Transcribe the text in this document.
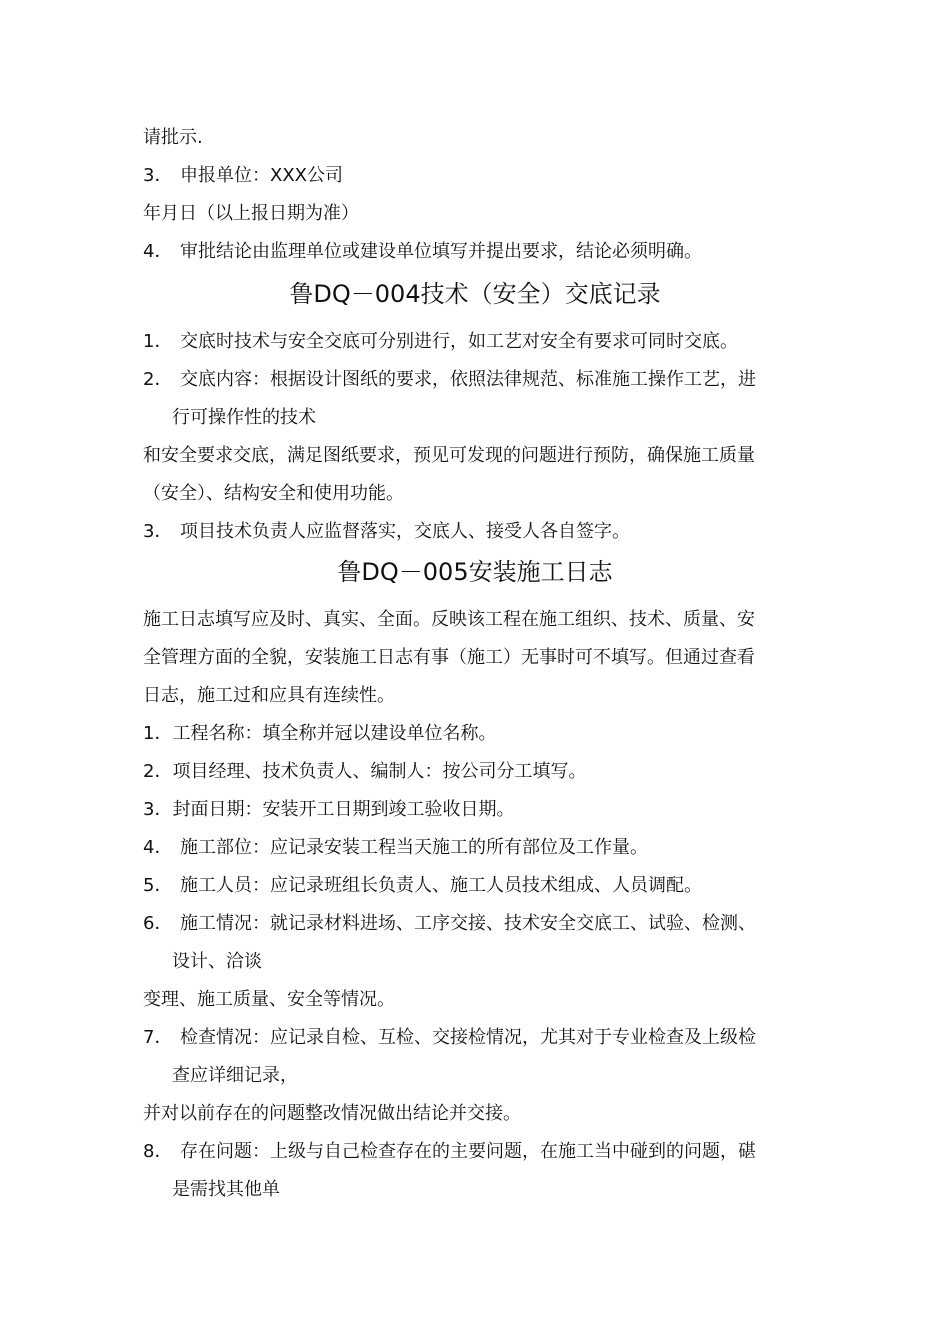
请批示.
3． 申报单位：XXX公司
年月日（以上报日期为准）
4． 审批结论由监理单位或建设单位填写并提出要求，结论必须明确。
鲁DQ－004技术（安全）交底记录
1． 交底时技术与安全交底可分别进行，如工艺对安全有要求可同时交底。
2． 交底内容：根据设计图纸的要求，依照法律规范、标准施工操作工艺，进
行可操作性的技术
和安全要求交底，满足图纸要求，预见可发现的问题进行预防，确保施工质量
（安全）、结构安全和使用功能。
3． 项目技术负责人应监督落实，交底人、接受人各自签字。
鲁DQ－005安装施工日志
施工日志填写应及时、真实、全面。反映该工程在施工组织、技术、质量、安
全管理方面的全貌，安装施工日志有事（施工）无事时可不填写。但通过查看
日志，施工过和应具有连续性。
1．工程名称：填全称并冠以建设单位名称。
2．项目经理、技术负责人、编制人：按公司分工填写。
3．封面日期：安装开工日期到竣工验收日期。
4． 施工部位：应记录安装工程当天施工的所有部位及工作量。
5． 施工人员：应记录班组长负责人、施工人员技术组成、人员调配。
6． 施工情况：就记录材料进场、工序交接、技术安全交底工、试验、检测、
设计、洽谈
变理、施工质量、安全等情况。
7． 检查情况：应记录自检、互检、交接检情况，尤其对于专业检查及上级检
查应详细记录，
并对以前存在的问题整改情况做出结论并交接。
8． 存在问题：上级与自己检查存在的主要问题，在施工当中碰到的问题，碪
是需找其他单
